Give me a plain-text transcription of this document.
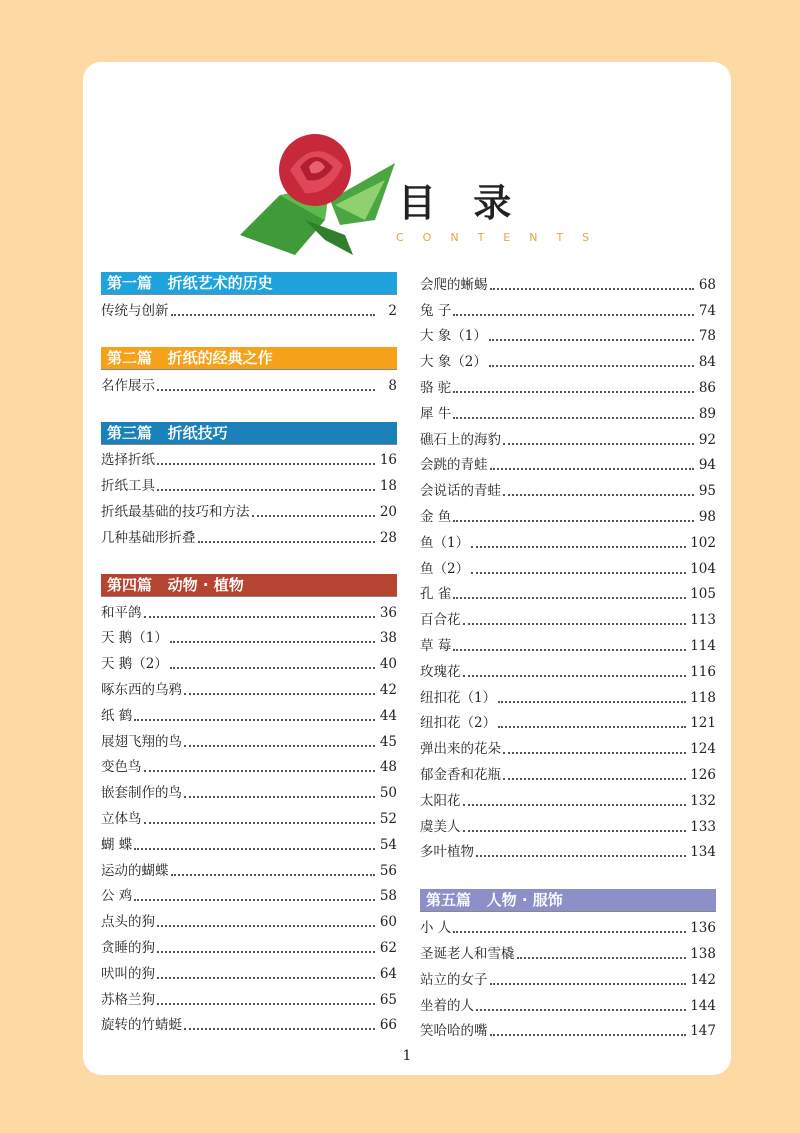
目 录
CONTENTS
第一篇   折纸艺术的历史
传统与创新	2
第二篇   折纸的经典之作
名作展示	8
第三篇   折纸技巧
选择折纸	16
折纸工具	18
折纸最基础的技巧和方法	20
几种基础形折叠	28
第四篇   动物 · 植物
和平鸽	36
天 鹅（1）	38
天 鹅（2）	40
啄东西的乌鸦	42
纸 鹤	44
展翅飞翔的鸟	45
变色鸟	48
嵌套制作的鸟	50
立体鸟	52
蝴 蝶	54
运动的蝴蝶	56
公 鸡	58
点头的狗	60
贪睡的狗	62
吠叫的狗	64
苏格兰狗	65
旋转的竹蜻蜓	66
会爬的蜥蜴	68
兔 子	74
大 象（1）	78
大 象（2）	84
骆 驼	86
犀 牛	89
礁石上的海豹	92
会跳的青蛙	94
会说话的青蛙	95
金 鱼	98
鱼（1）	102
鱼（2）	104
孔 雀	105
百合花	113
草 莓	114
玫瑰花	116
纽扣花（1）	118
纽扣花（2）	121
弹出来的花朵	124
郁金香和花瓶	126
太阳花	132
虞美人	133
多叶植物	134
第五篇   人物 · 服饰
小 人	136
圣诞老人和雪橇	138
站立的女子	142
坐着的人	144
笑哈哈的嘴	147
1
